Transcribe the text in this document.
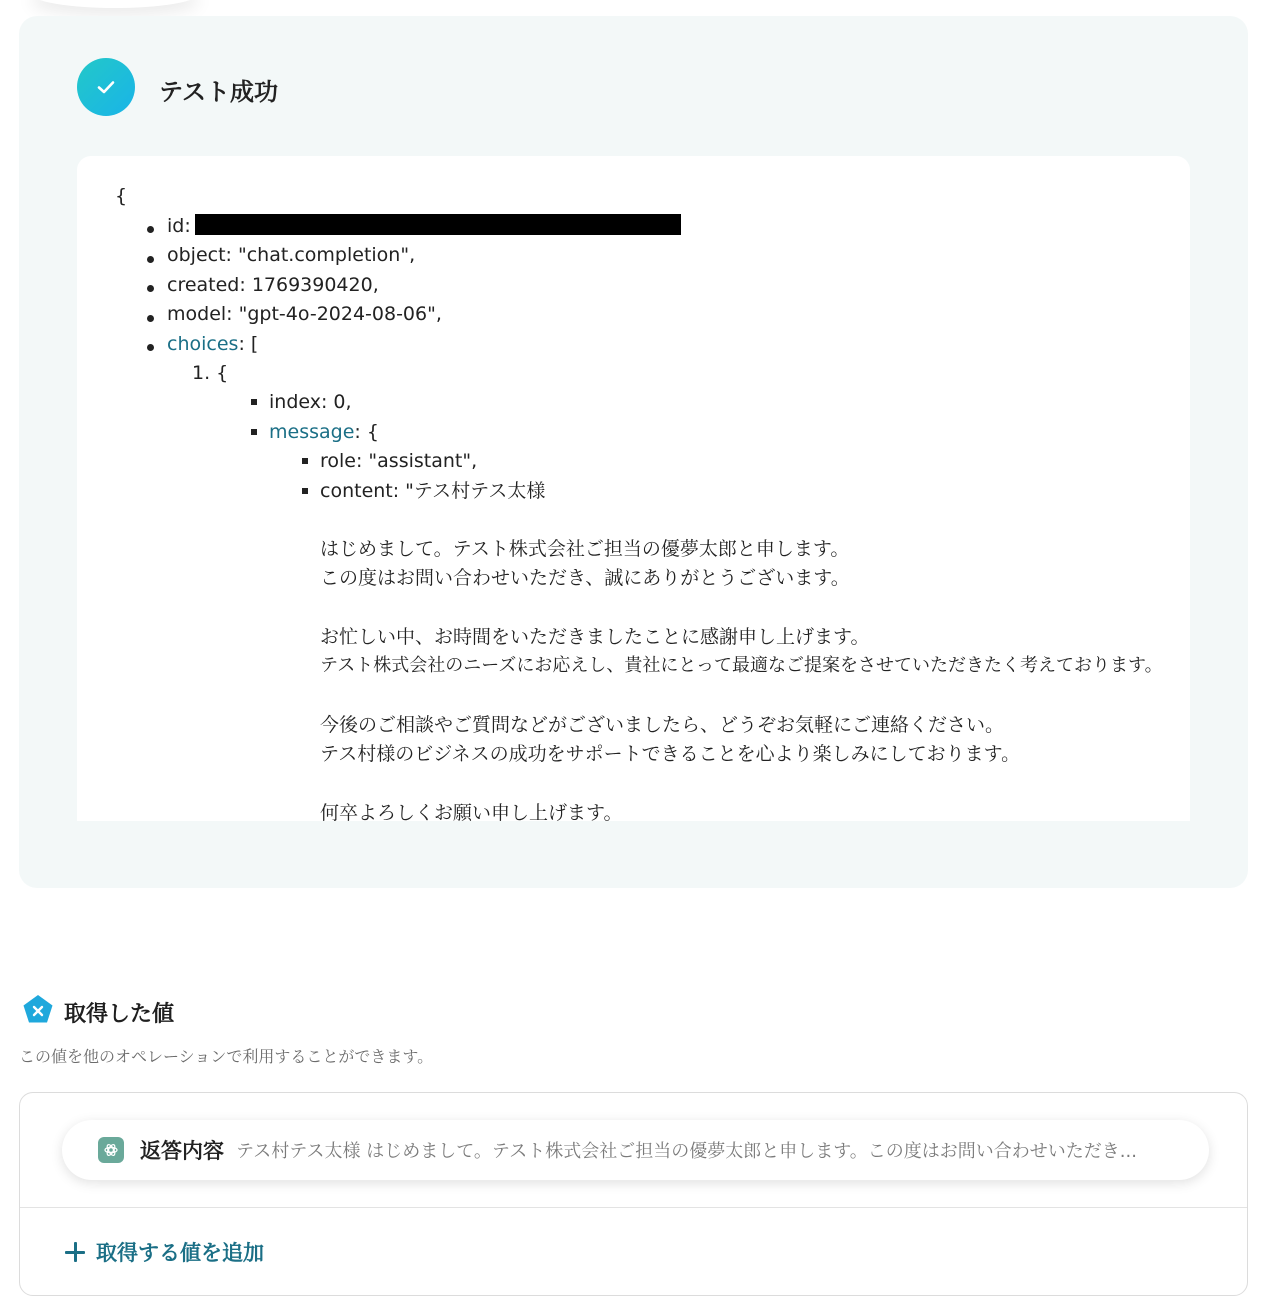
テスト成功
{
id:
object: "chat.completion",
created: 1769390420,
model: "gpt-4o-2024-08-06",
choices: [
1. {
index: 0,
message: {
role: "assistant",
content: "テス村テス太様
はじめまして。テスト株式会社ご担当の優夢太郎と申します。
この度はお問い合わせいただき、誠にありがとうございます。
お忙しい中、お時間をいただきましたことに感謝申し上げます。
テスト株式会社のニーズにお応えし、貴社にとって最適なご提案をさせていただきたく考えております。
今後のご相談やご質問などがございましたら、どうぞお気軽にご連絡ください。
テス村様のビジネスの成功をサポートできることを心より楽しみにしております。
何卒よろしくお願い申し上げます。
取得した値
この値を他のオペレーションで利用することができます。
返答内容 テス村テス太様 はじめまして。テスト株式会社ご担当の優夢太郎と申します。この度はお問い合わせいただき...
取得する値を追加
